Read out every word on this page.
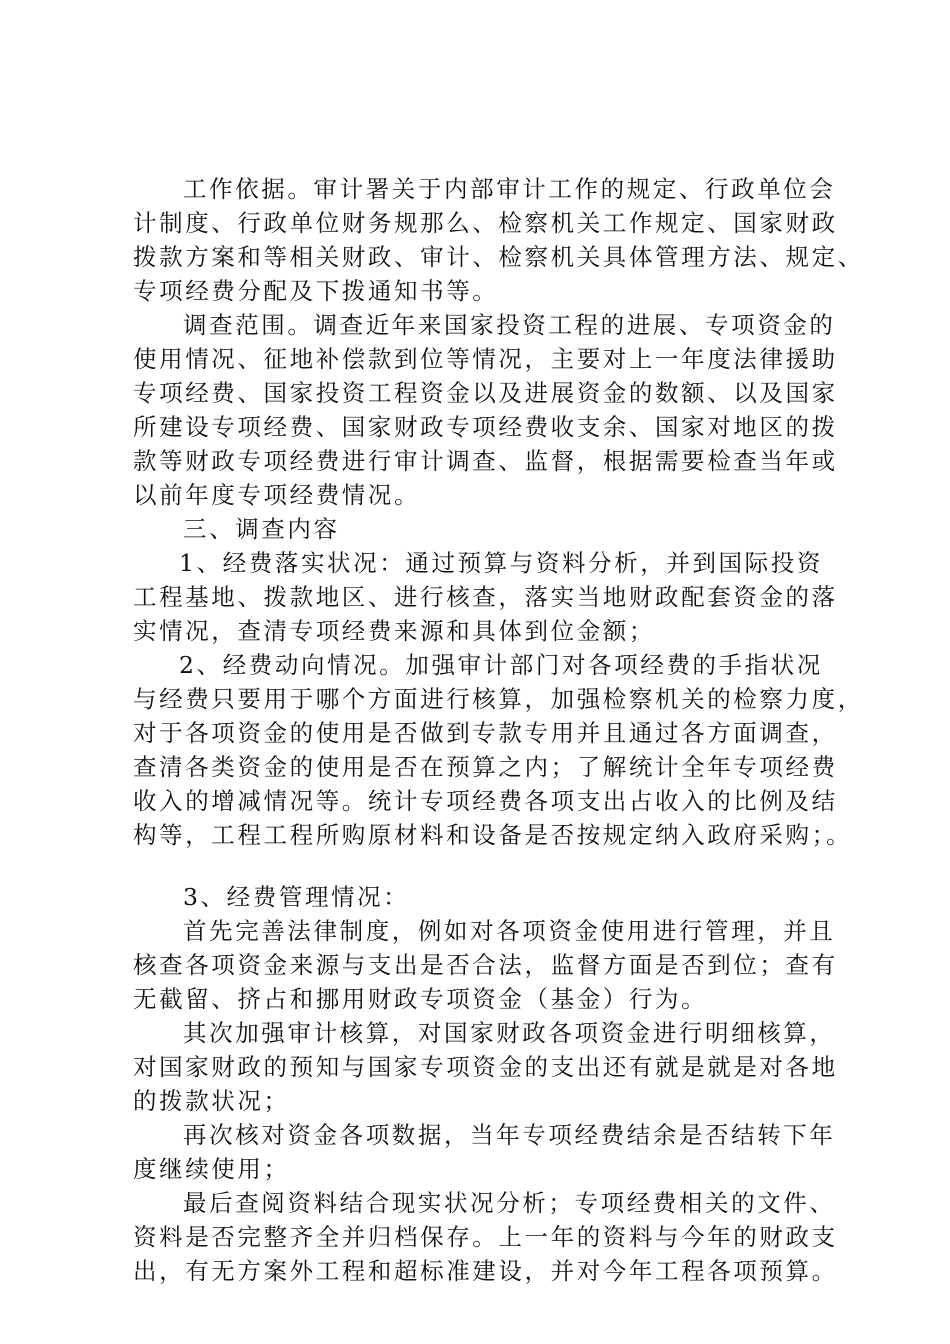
工作依据。审计署关于内部审计工作的规定、行政单位会
计制度、行政单位财务规那么、检察机关工作规定、国家财政
拨款方案和等相关财政、审计、检察机关具体管理方法、规定、
专项经费分配及下拨通知书等。
调查范围。调查近年来国家投资工程的进展、专项资金的
使用情况、征地补偿款到位等情况，主要对上一年度法律援助
专项经费、国家投资工程资金以及进展资金的数额、以及国家
所建设专项经费、国家财政专项经费收支余、国家对地区的拨
款等财政专项经费进行审计调查、监督，根据需要检查当年或
以前年度专项经费情况。
三、调查内容
1、经费落实状况：通过预算与资料分析，并到国际投资
工程基地、拨款地区、进行核查，落实当地财政配套资金的落
实情况，查清专项经费来源和具体到位金额；
2、经费动向情况。加强审计部门对各项经费的手指状况
与经费只要用于哪个方面进行核算，加强检察机关的检察力度，
对于各项资金的使用是否做到专款专用并且通过各方面调查，
查清各类资金的使用是否在预算之内；了解统计全年专项经费
收入的增减情况等。统计专项经费各项支出占收入的比例及结
构等，工程工程所购原材料和设备是否按规定纳入政府采购；。
3、经费管理情况：
首先完善法律制度，例如对各项资金使用进行管理，并且
核查各项资金来源与支出是否合法，监督方面是否到位；查有
无截留、挤占和挪用财政专项资金（基金）行为。
其次加强审计核算，对国家财政各项资金进行明细核算，
对国家财政的预知与国家专项资金的支出还有就是就是对各地
的拨款状况；
再次核对资金各项数据，当年专项经费结余是否结转下年
度继续使用；
最后查阅资料结合现实状况分析；专项经费相关的文件、
资料是否完整齐全并归档保存。上一年的资料与今年的财政支
出，有无方案外工程和超标准建设，并对今年工程各项预算。
